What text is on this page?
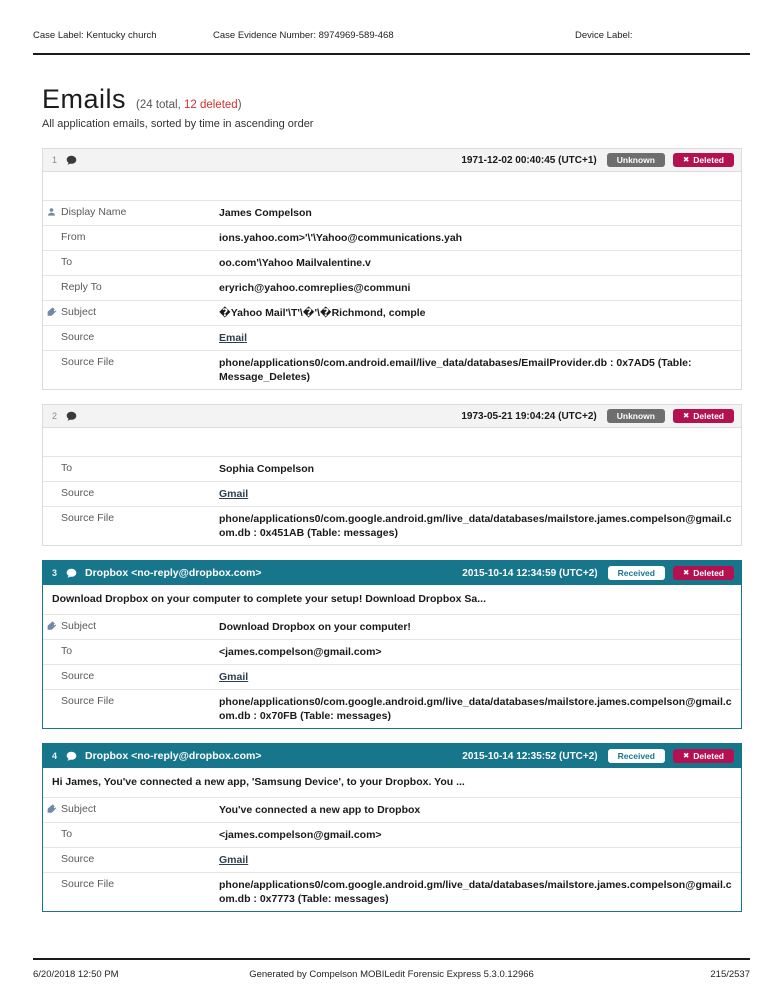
Case Label: Kentucky church	Case Evidence Number: 8974969-589-468	Device Label:
Emails (24 total, 12 deleted)
All application emails, sorted by time in ascending order
1	1971-12-02 00:40:45 (UTC+1)	Unknown	✖ Deleted
Display Name	James Compelson
From	ions.yahoo.com>'\'\Yahoo@communications.yah
To	oo.com'\Yahoo Mailvalentine.v
Reply To	eryrich@yahoo.comreplies@communi
Subject	�Yahoo Mail'\T'\�'\�Richmond, comple
Source	Email
Source File	phone/applications0/com.android.email/live_data/databases/EmailProvider.db : 0x7AD5 (Table: Message_Deletes)
2	1973-05-21 19:04:24 (UTC+2)	Unknown	✖ Deleted
To	Sophia Compelson
Source	Gmail
Source File	phone/applications0/com.google.android.gm/live_data/databases/mailstore.james.compelson@gmail.com.db : 0x451AB (Table: messages)
3	Dropbox <no-reply@dropbox.com>	2015-10-14 12:34:59 (UTC+2)	Received	✖ Deleted
Download Dropbox on your computer to complete your setup! Download Dropbox Sa...
Subject	Download Dropbox on your computer!
To	<james.compelson@gmail.com>
Source	Gmail
Source File	phone/applications0/com.google.android.gm/live_data/databases/mailstore.james.compelson@gmail.com.db : 0x70FB (Table: messages)
4	Dropbox <no-reply@dropbox.com>	2015-10-14 12:35:52 (UTC+2)	Received	✖ Deleted
Hi James, You've connected a new app, 'Samsung Device', to your Dropbox. You ...
Subject	You've connected a new app to Dropbox
To	<james.compelson@gmail.com>
Source	Gmail
Source File	phone/applications0/com.google.android.gm/live_data/databases/mailstore.james.compelson@gmail.com.db : 0x7773 (Table: messages)
6/20/2018 12:50 PM	Generated by Compelson MOBILedit Forensic Express 5.3.0.12966	215/2537
